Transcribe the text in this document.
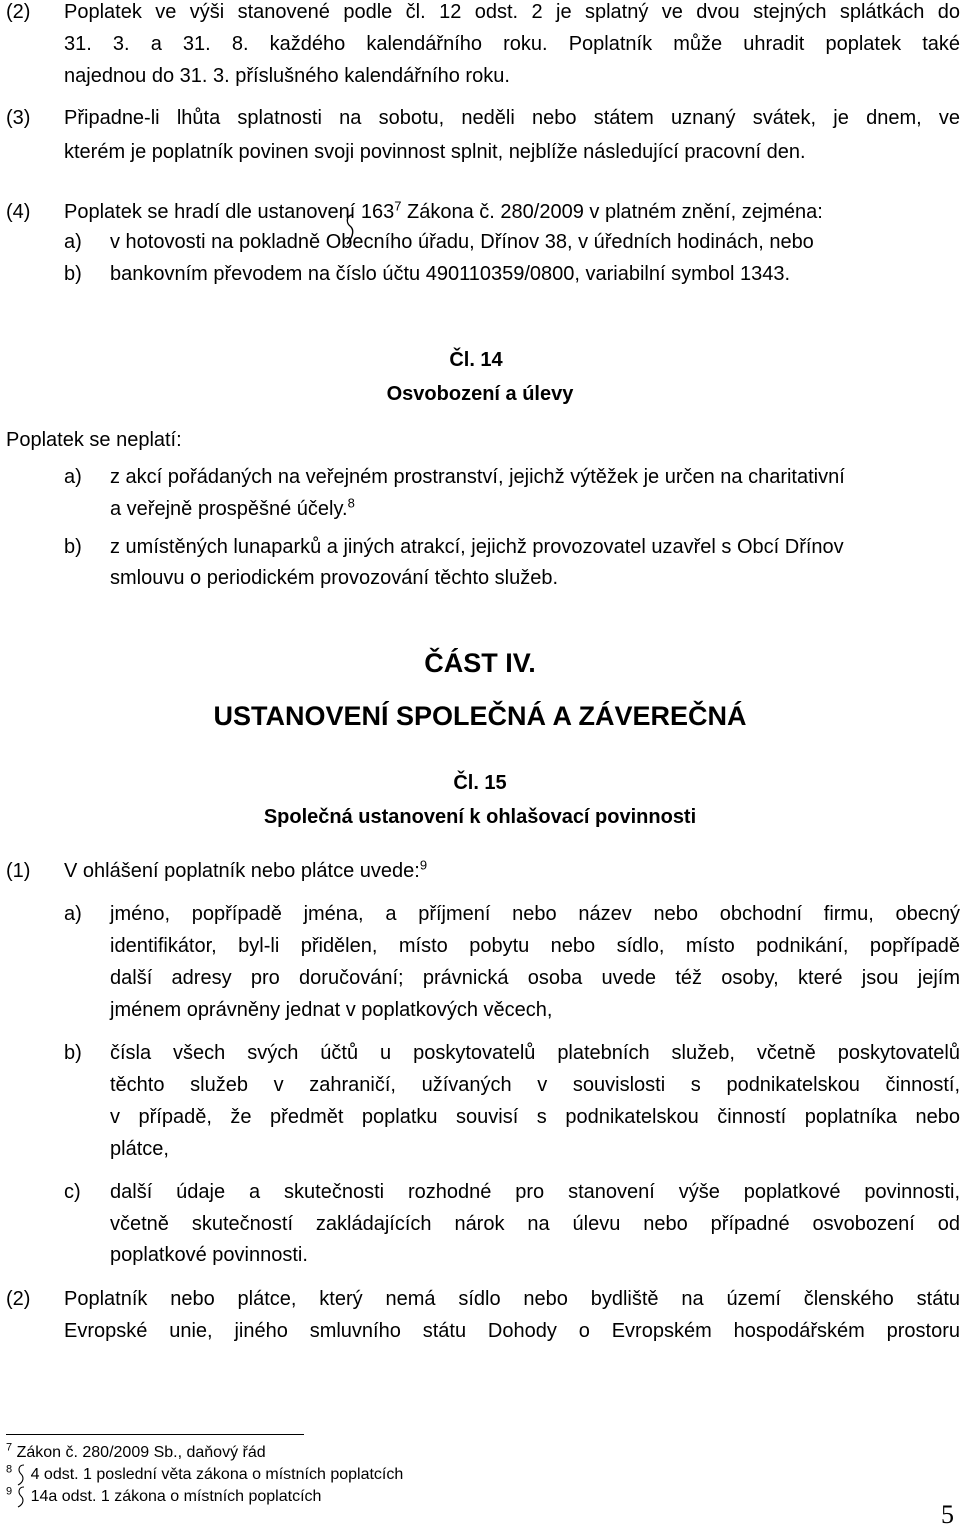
(2) Poplatek ve výši stanovené podle čl. 12 odst. 2 je splatný ve dvou stejných splátkách do
31. 3. a 31. 8. každého kalendářního roku. Poplatník může uhradit poplatek také
najednou do 31. 3. příslušného kalendářního roku.
(3) Připadne-li lhůta splatnosti na sobotu, neděli nebo státem uznaný svátek, je dnem, ve
kterém je poplatník povinen svoji povinnost splnit, nejblíže následující pracovní den.
(4) Poplatek se hradí dle ustanovení
$163^7$ Zákona č. 280/2009 v platném znění, zejména:
a) v hotovosti na pokladně Obecního úřadu, Dřínov 38, v úředních hodinách, nebo
b) bankovním převodem na číslo účtu 490110359/0800, variabilní symbol 1343.
Čl. 14
Osvobození a úlevy
Poplatek se neplatí:
a) z akcí pořádaných na veřejném prostranství, jejichž výtěžek je určen na charitativní
a veřejně prospěšné účely.$^8$
b) z umístěných lunaparků a jiných atrakcí, jejichž provozovatel uzavřel s Obcí Dřínov
smlouvu o periodickém provozování těchto služeb.
ČÁST IV.
USTANOVENÍ SPOLEČNÁ A ZÁVEREČNÁ
Čl. 15
Společná ustanovení k ohlašovací povinnosti
(1) V ohlášení poplatník nebo plátce uvede:$^9$
a) jméno, popřípadě jména, a příjmení nebo název nebo obchodní firmu, obecný
identifikátor, byl-li přidělen, místo pobytu nebo sídlo, místo podnikání, popřípadě
další adresy pro doručování; právnická osoba uvede též osoby, které jsou jejím
jménem oprávněny jednat v poplatkových věcech,
b) čísla všech svých účtů u poskytovatelů platebních služeb, včetně poskytovatelů
těchto služeb v zahraničí, užívaných v souvislosti s podnikatelskou činností,
v případě, že předmět poplatku souvisí s podnikatelskou činností poplatníka nebo
plátce,
c) další údaje a skutečnosti rozhodné pro stanovení výše poplatkové povinnosti,
včetně skutečností zakládajících nárok na úlevu nebo případné osvobození od
poplatkové povinnosti.
(2) Poplatník nebo plátce, který nemá sídlo nebo bydliště na území členského státu
Evropské unie, jiného smluvního státu Dohody o Evropském hospodářském prostoru
$^7$ Zákon č. 280/2009 Sb., daňový řád
$^8$ 4 odst. 1 poslední věta zákona o místních poplatcích
$^9$ 14a odst. 1 zákona o místních poplatcích
5
